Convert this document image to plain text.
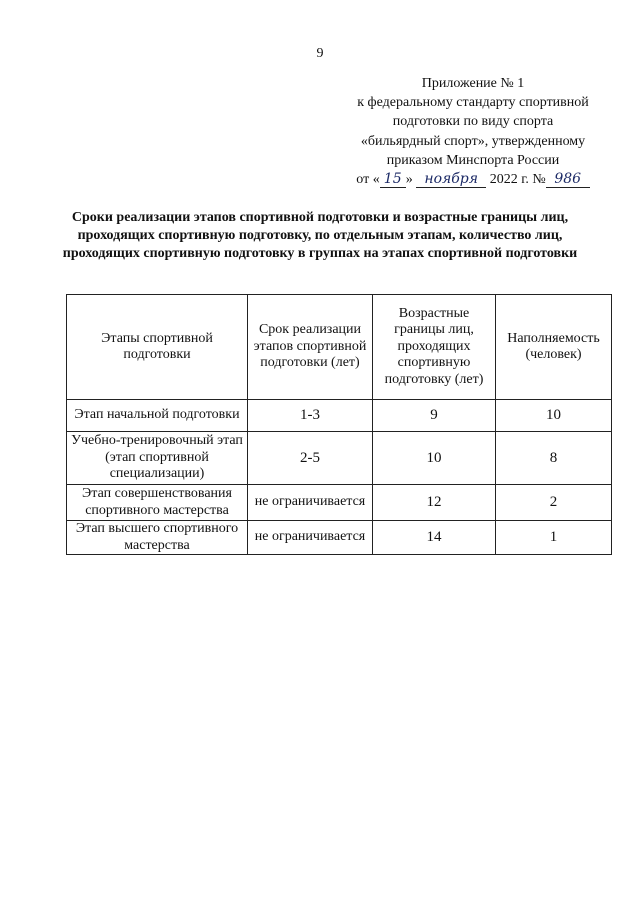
9
Приложение № 1
к федеральному стандарту спортивной
подготовки по виду спорта
«бильярдный спорт», утвержденному
приказом Минспорта России
от « 15 » ноября 2022 г. № 986
Сроки реализации этапов спортивной подготовки и возрастные границы лиц, проходящих спортивную подготовку, по отдельным этапам, количество лиц, проходящих спортивную подготовку в группах на этапах спортивной подготовки
Этапы спортивной подготовки	Срок реализации этапов спортивной подготовки (лет)	Возрастные границы лиц, проходящих спортивную подготовку (лет)	Наполняемость (человек)
Этап начальной подготовки	1-3	9	10
Учебно-тренировочный этап (этап спортивной специализации)	2-5	10	8
Этап совершенствования спортивного мастерства	не ограничивается	12	2
Этап высшего спортивного мастерства	не ограничивается	14	1
